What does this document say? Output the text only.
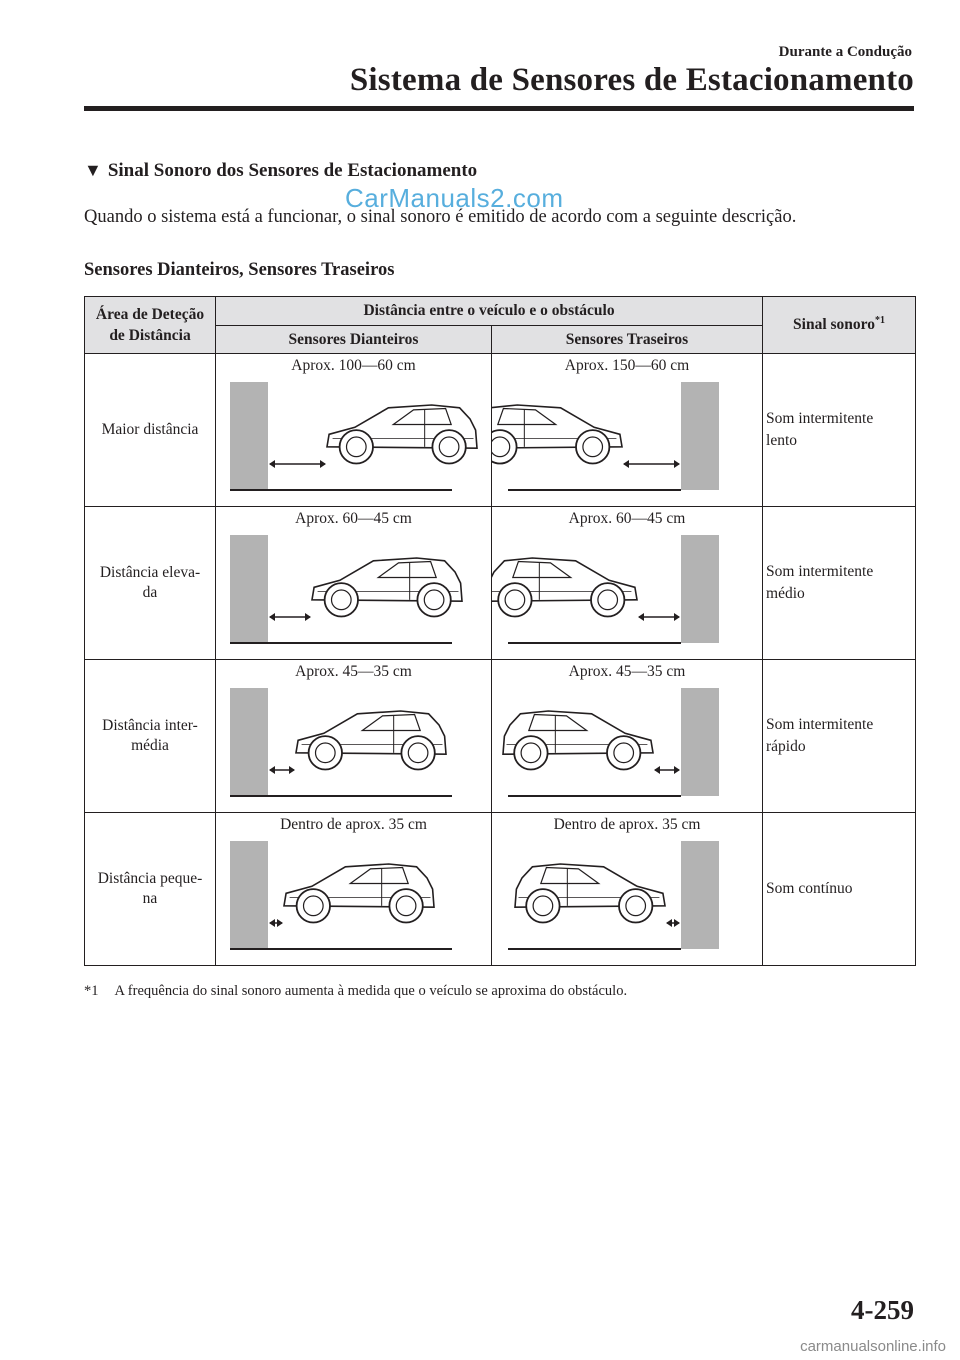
Durante a Condução
Sistema de Sensores de Estacionamento
▼ Sinal Sonoro dos Sensores de Estacionamento
CarManuals2.com
Quando o sistema está a funcionar, o sinal sonoro é emitido de acordo com a seguinte descrição.
Sensores Dianteiros, Sensores Traseiros
Área de Deteção
de Distância	Distância entre o veículo e o obstáculo		Sinal sonoro$^{*1}$
	Sensores Dianteiros	Sensores Traseiros	

Maior distância	Aprox. 100—60 cm	Aprox. 150—60 cm	Som intermitente
lento

Distância eleva-
da	Aprox. 60—45 cm	Aprox. 60—45 cm	Som intermitente
médio

Distância inter-
média	Aprox. 45—35 cm	Aprox. 45—35 cm	Som intermitente
rápido

Distância peque-
na	Dentro de aprox. 35 cm	Dentro de aprox. 35 cm	Som contínuo
*1 A frequência do sinal sonoro aumenta à medida que o veículo se aproxima do obstáculo.
4-259
carmanualsonline.info
